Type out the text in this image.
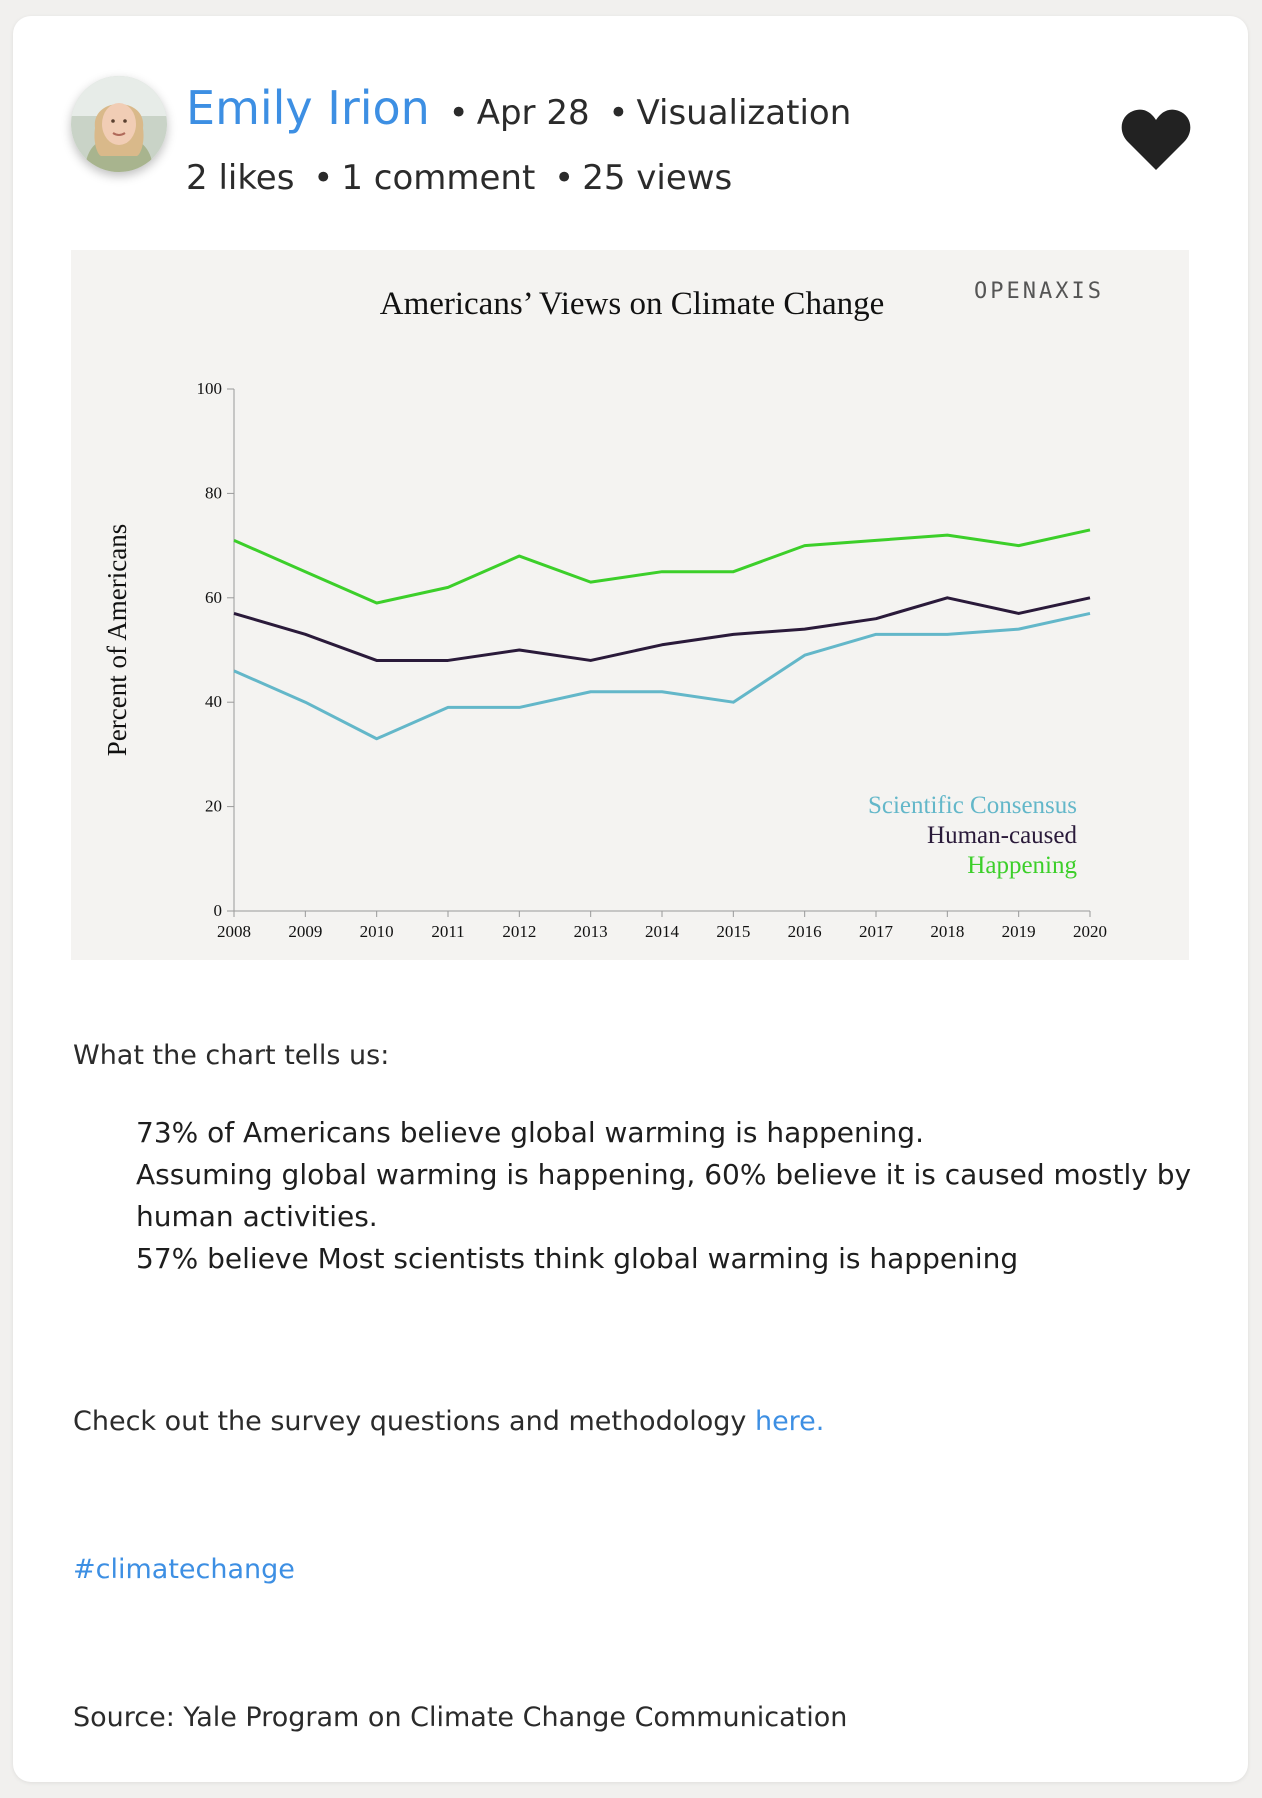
Emily Irion • Apr 28 • Visualization
2 likes • 1 comment • 25 views
Americans’ Views on Climate Change	OPENAXIS
Percent of Americans
0
20
40
60
80
100
2008 2009 2010 2011 2012 2013 2014 2015 2016 2017 2018 2019 2020
Scientific Consensus
Human-caused
Happening
What the chart tells us:
73% of Americans believe global warming is happening.
Assuming global warming is happening, 60% believe it is caused mostly by human activities.
57% believe Most scientists think global warming is happening
Check out the survey questions and methodology here.
#climatechange
Source: Yale Program on Climate Change Communication
